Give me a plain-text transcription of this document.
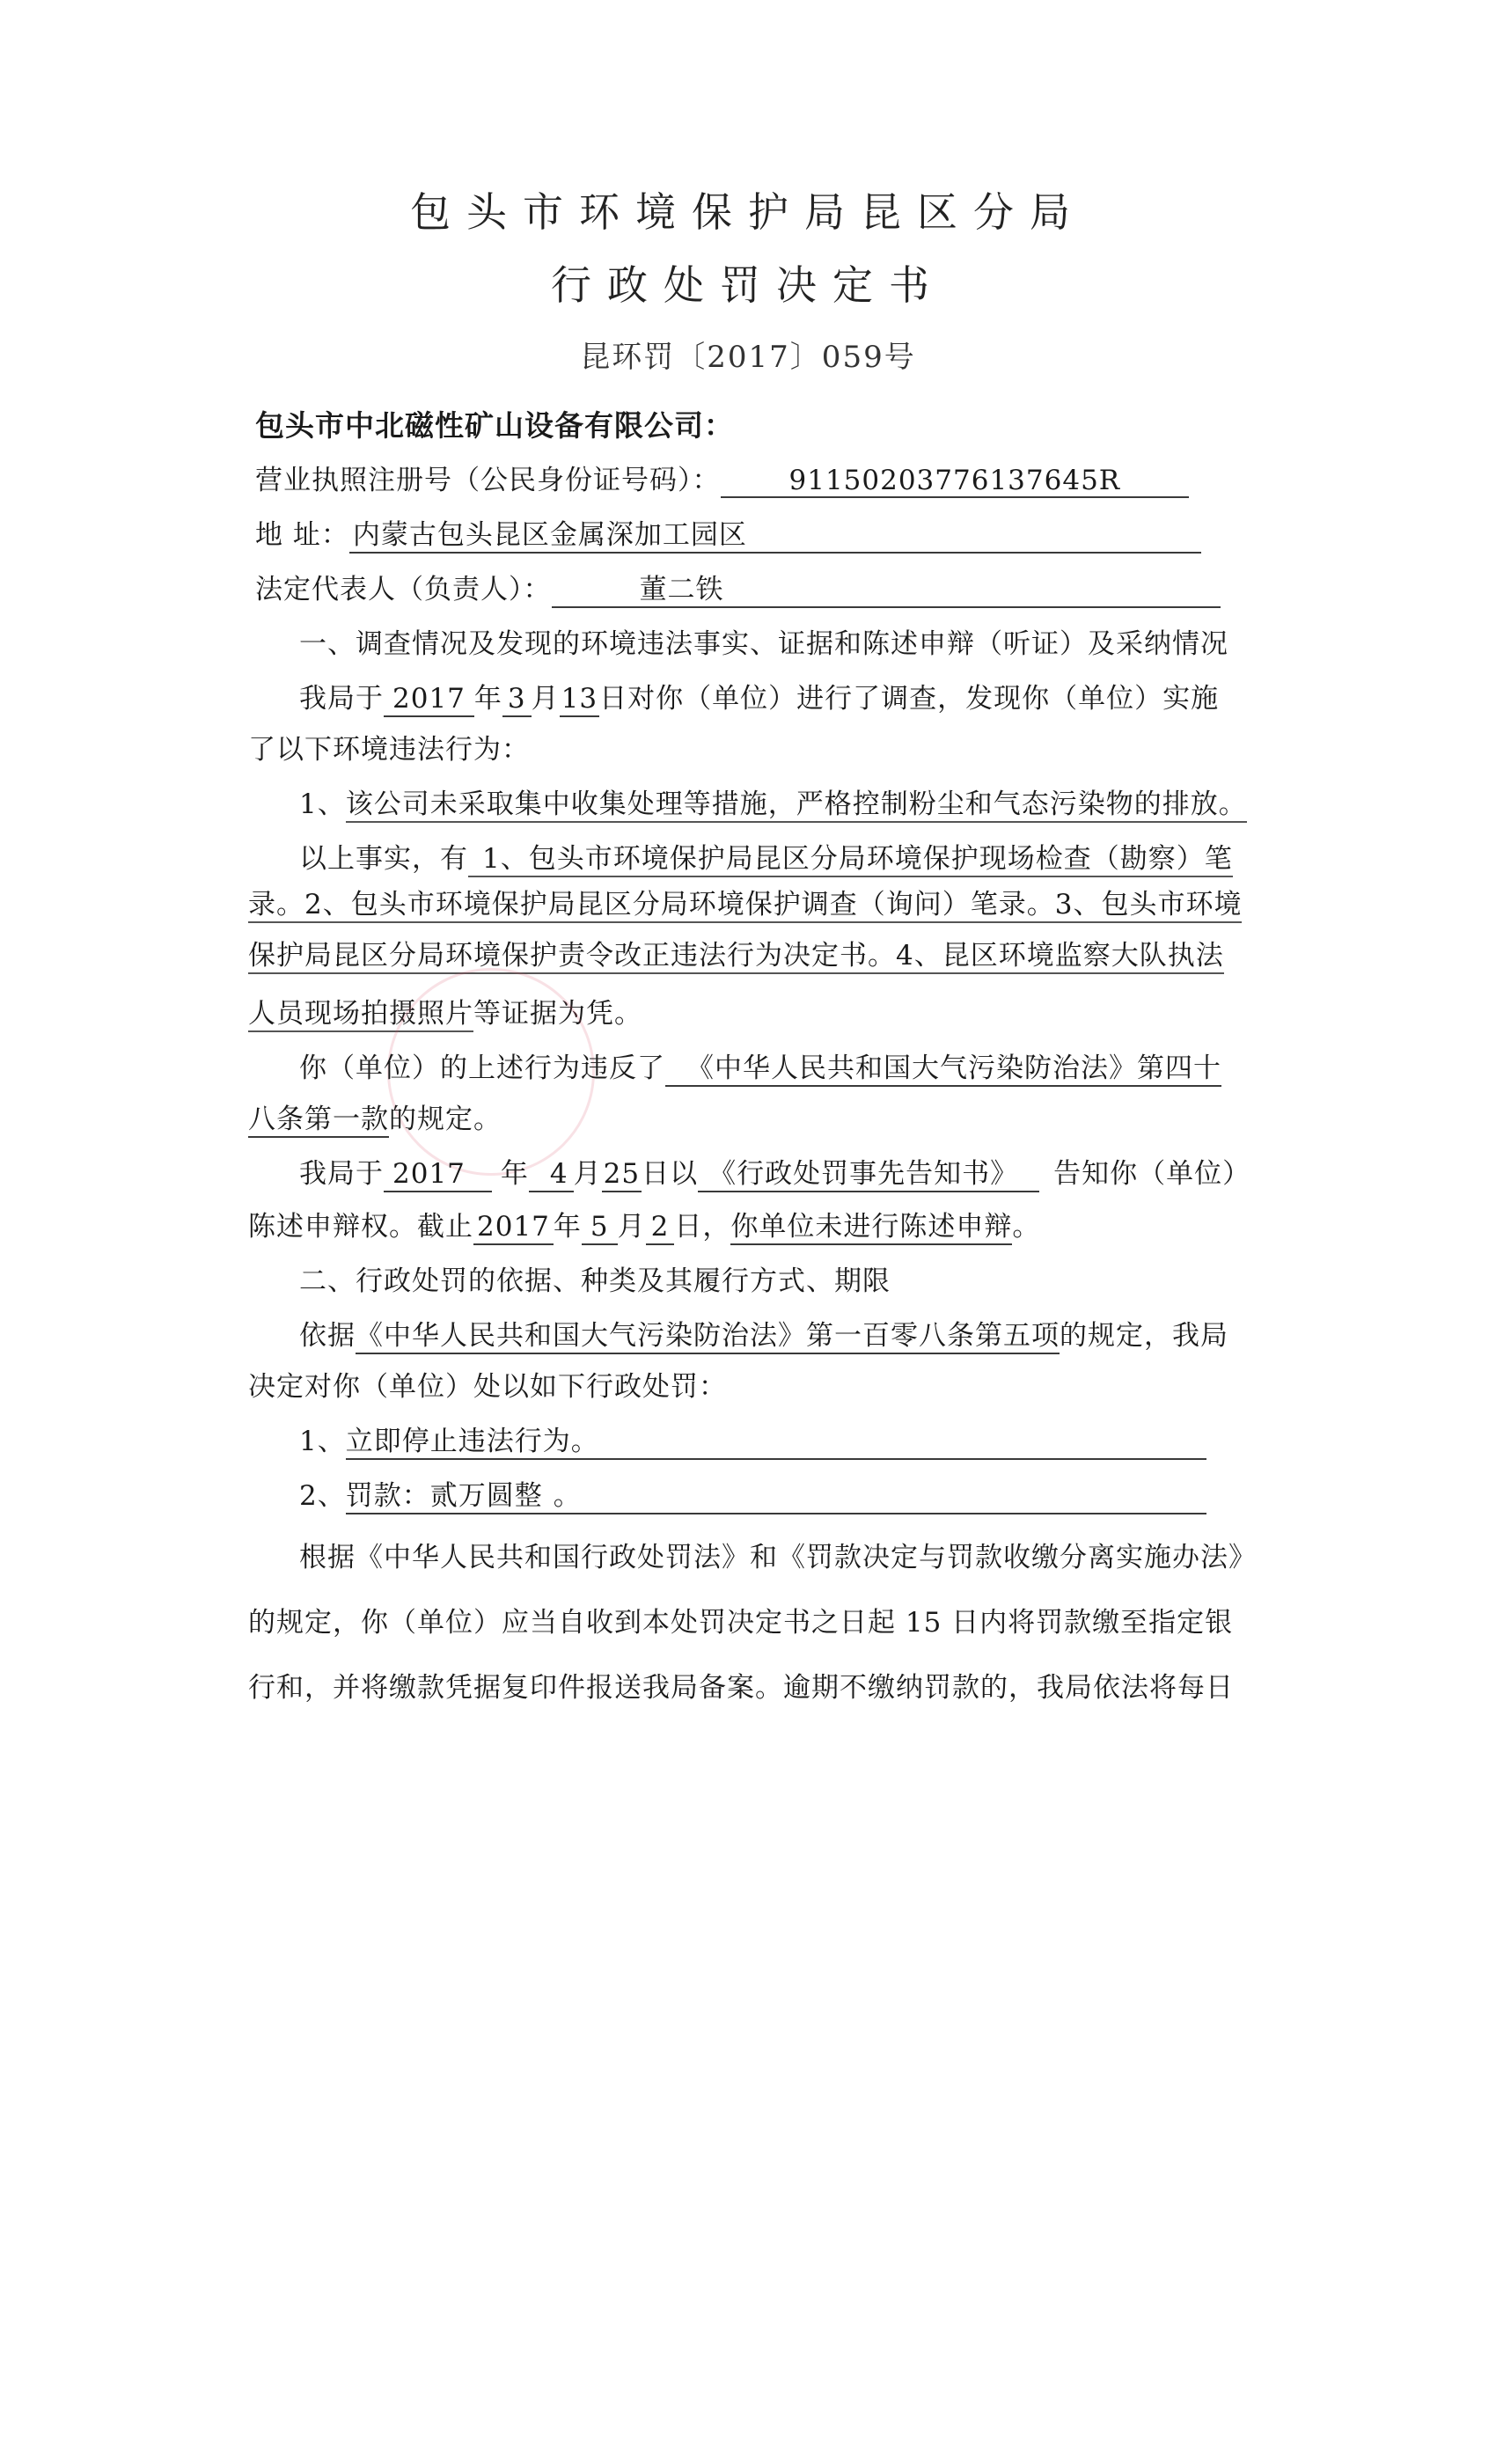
包头市环境保护局昆区分局
行政处罚决定书
昆环罚〔2017〕059号
包头市中北磁性矿山设备有限公司：
营业执照注册号（公民身份证号码）：	91150203776137645R
地 址： 内蒙古包头昆区金属深加工园区
法定代表人（负责人）：	董二铁
一、调查情况及发现的环境违法事实、证据和陈述申辩（听证）及采纳情况
我局于 2017 年 3 月13日对你（单位）进行了调查，发现你（单位）实施
了以下环境违法行为：
1、该公司未采取集中收集处理等措施，严格控制粉尘和气态污染物的排放。
以上事实，有 1、包头市环境保护局昆区分局环境保护现场检查（勘察）笔
录。2、包头市环境保护局昆区分局环境保护调查（询问）笔录。3、包头市环境
保护局昆区分局环境保护责令改正违法行为决定书。4、昆区环境监察大队执法
人员现场拍摄照片等证据为凭。
你（单位）的上述行为违反了 《中华人民共和国大气污染防治法》第四十
八条第一款的规定。
我局于 2017 年 4 月25日以 《行政处罚事先告知书》 告知你（单位）
陈述申辩权。截止 2017 年 5 月 2 日，你单位未进行陈述申辩。
二、行政处罚的依据、种类及其履行方式、期限
依据《中华人民共和国大气污染防治法》第一百零八条第五项的规定，我局
决定对你（单位）处以如下行政处罚：
1、立即停止违法行为。
2、罚款：贰万圆整 。
根据《中华人民共和国行政处罚法》和《罚款决定与罚款收缴分离实施办法》
的规定，你（单位）应当自收到本处罚决定书之日起 15 日内将罚款缴至指定银
行和，并将缴款凭据复印件报送我局备案。逾期不缴纳罚款的，我局依法将每日
